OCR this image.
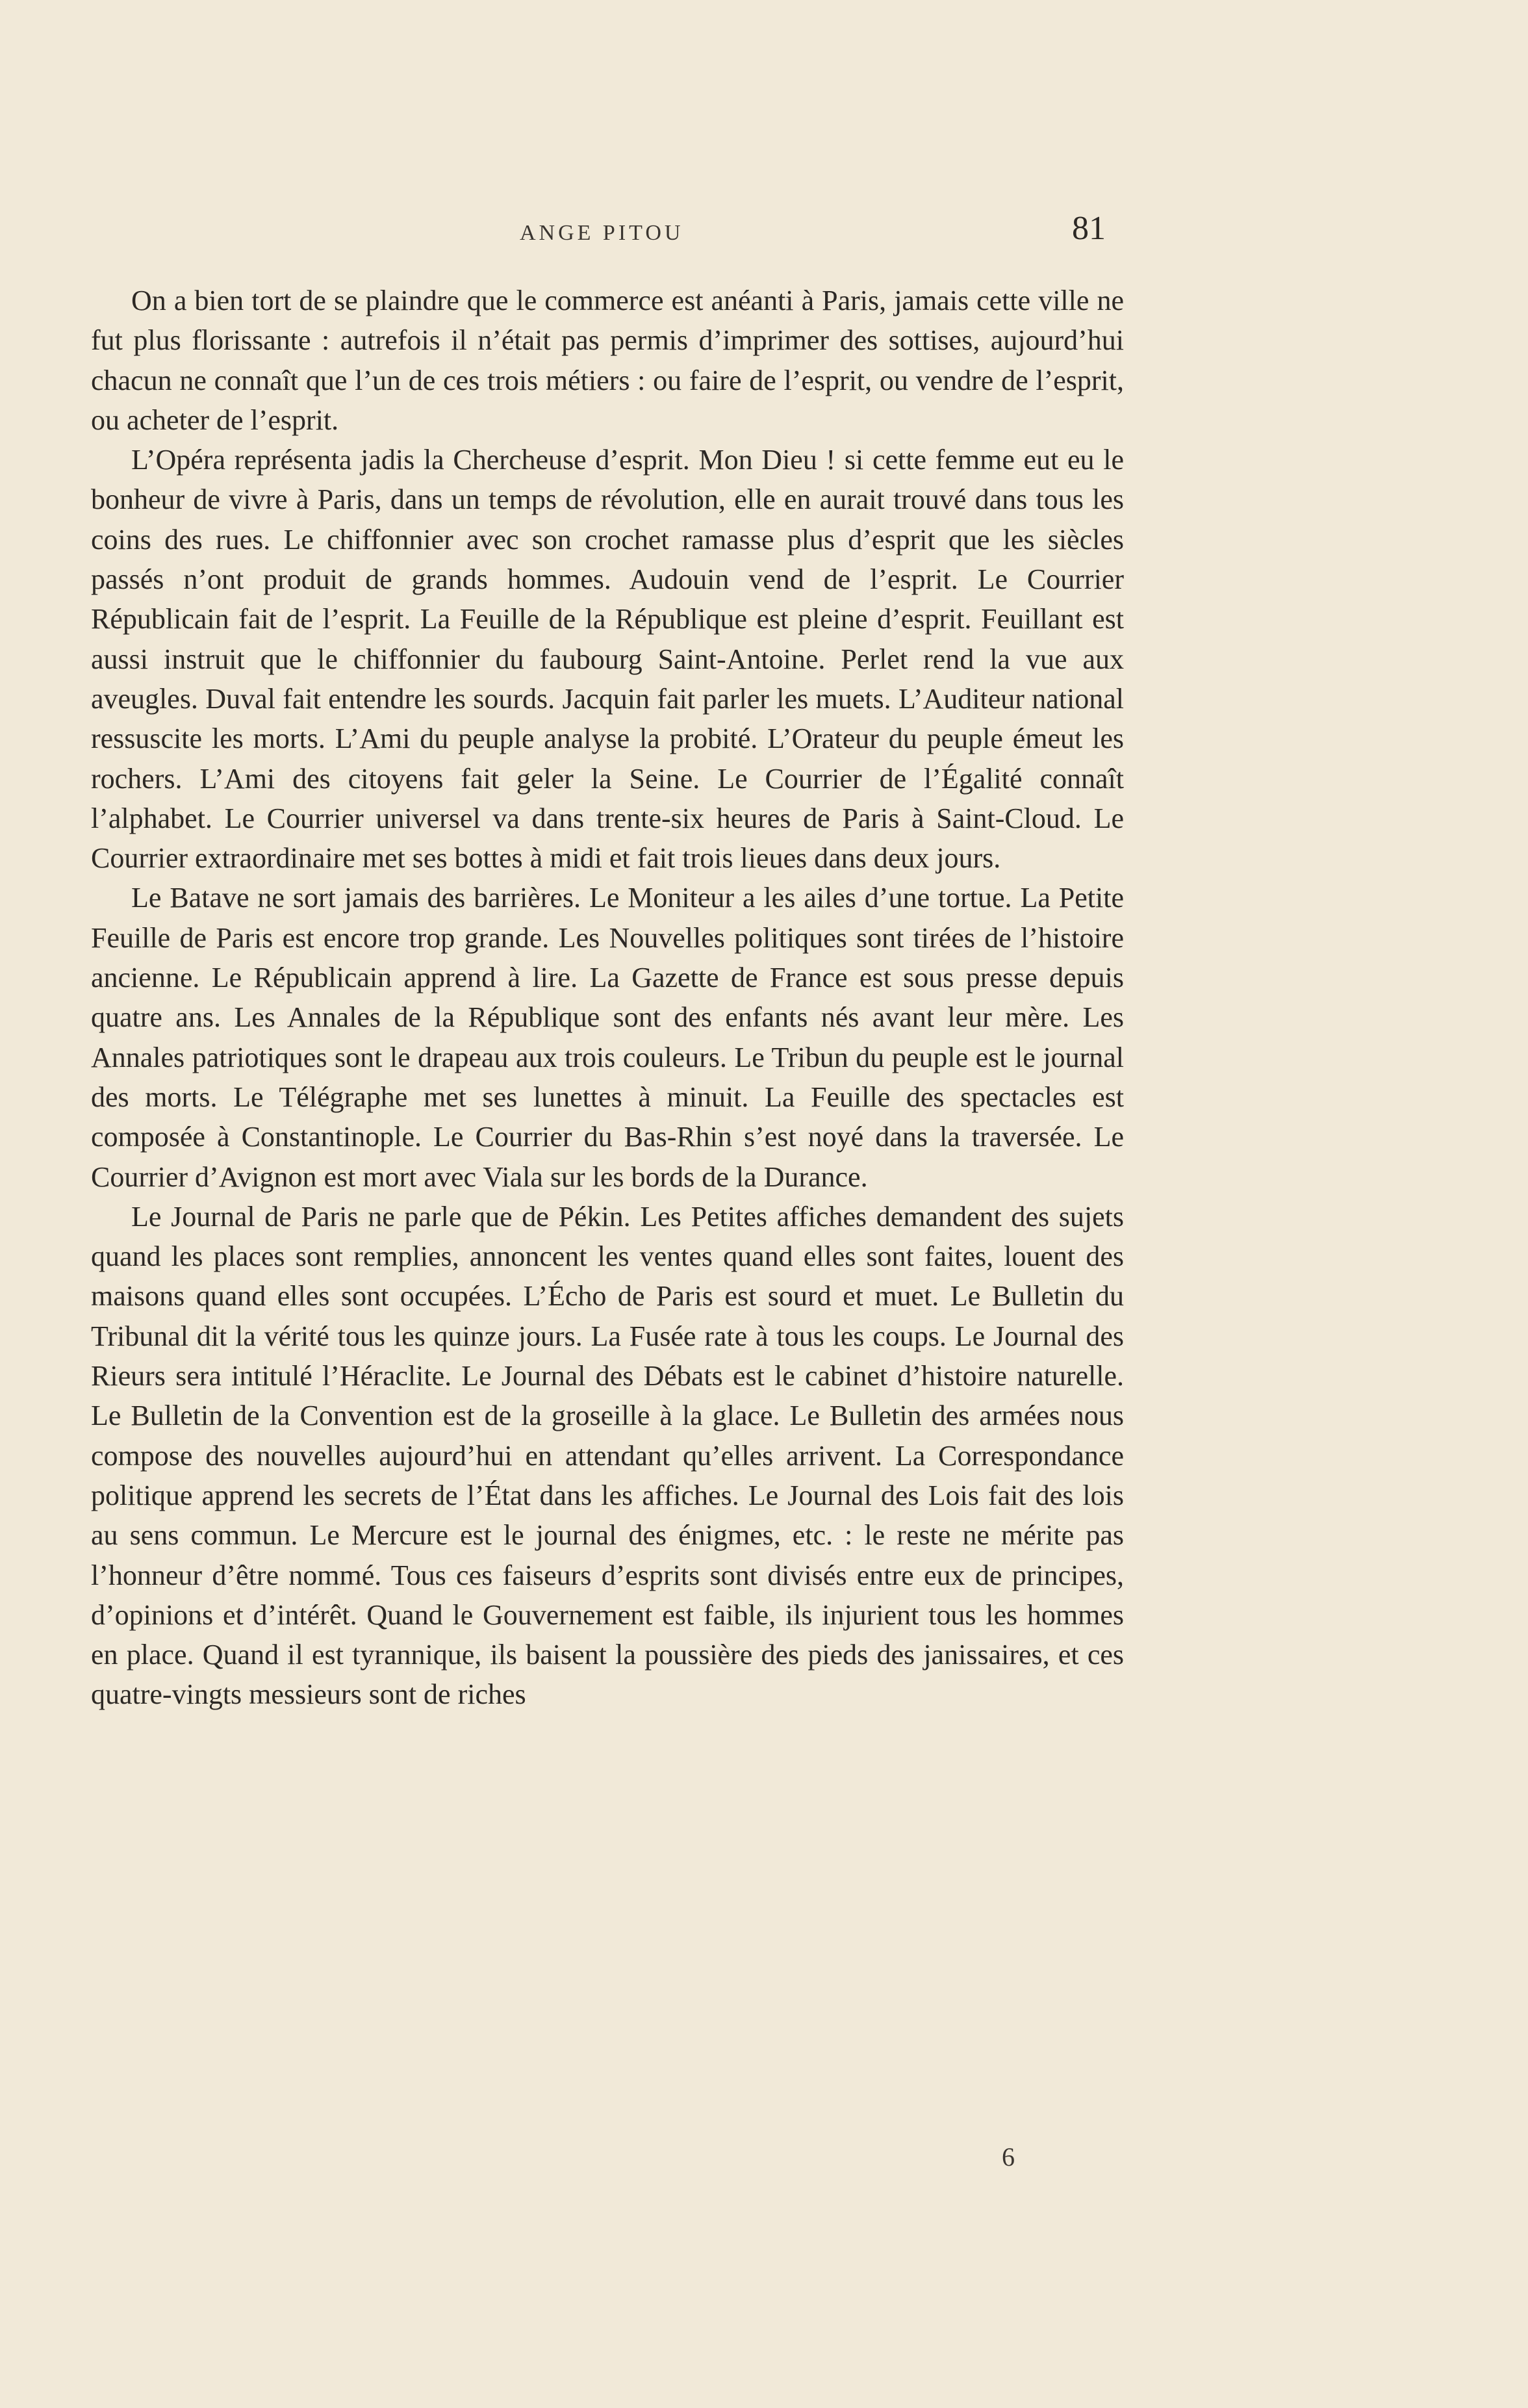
ANGE PITOU	81

On a bien tort de se plaindre que le commerce est anéanti à Paris, jamais cette ville ne fut plus florissante : autrefois il n’était pas permis d’imprimer des sottises, aujourd’hui chacun ne connaît que l’un de ces trois métiers : ou faire de l’esprit, ou vendre de l’esprit, ou acheter de l’esprit.

L’Opéra représenta jadis la Chercheuse d’esprit. Mon Dieu ! si cette femme eut eu le bonheur de vivre à Paris, dans un temps de révolution, elle en aurait trouvé dans tous les coins des rues. Le chiffonnier avec son crochet ramasse plus d’esprit que les siècles passés n’ont produit de grands hommes. Audouin vend de l’esprit. Le Courrier Républicain fait de l’esprit. La Feuille de la République est pleine d’esprit. Feuillant est aussi instruit que le chiffonnier du faubourg Saint-Antoine. Perlet rend la vue aux aveugles. Duval fait entendre les sourds. Jacquin fait parler les muets. L’Auditeur national ressuscite les morts. L’Ami du peuple analyse la probité. L’Orateur du peuple émeut les rochers. L’Ami des citoyens fait geler la Seine. Le Courrier de l’Égalité connaît l’alphabet. Le Courrier universel va dans trente-six heures de Paris à Saint-Cloud. Le Courrier extraordinaire met ses bottes à midi et fait trois lieues dans deux jours.

Le Batave ne sort jamais des barrières. Le Moniteur a les ailes d’une tortue. La Petite Feuille de Paris est encore trop grande. Les Nouvelles politiques sont tirées de l’histoire ancienne. Le Républicain apprend à lire. La Gazette de France est sous presse depuis quatre ans. Les Annales de la République sont des enfants nés avant leur mère. Les Annales patriotiques sont le drapeau aux trois couleurs. Le Tribun du peuple est le journal des morts. Le Télégraphe met ses lunettes à minuit. La Feuille des spectacles est composée à Constantinople. Le Courrier du Bas-Rhin s’est noyé dans la traversée. Le Courrier d’Avignon est mort avec Viala sur les bords de la Durance.

Le Journal de Paris ne parle que de Pékin. Les Petites affiches demandent des sujets quand les places sont remplies, annoncent les ventes quand elles sont faites, louent des maisons quand elles sont occupées. L’Écho de Paris est sourd et muet. Le Bulletin du Tribunal dit la vérité tous les quinze jours. La Fusée rate à tous les coups. Le Journal des Rieurs sera intitulé l’Héraclite. Le Journal des Débats est le cabinet d’histoire naturelle. Le Bulletin de la Convention est de la groseille à la glace. Le Bulletin des armées nous compose des nouvelles aujourd’hui en attendant qu’elles arrivent. La Correspondance politique apprend les secrets de l’État dans les affiches. Le Journal des Lois fait des lois au sens commun. Le Mercure est le journal des énigmes, etc. : le reste ne mérite pas l’honneur d’être nommé. Tous ces faiseurs d’esprits sont divisés entre eux de principes, d’opinions et d’intérêt. Quand le Gouvernement est faible, ils injurient tous les hommes en place. Quand il est tyrannique, ils baisent la poussière des pieds des janissaires, et ces quatre-vingts messieurs sont de riches

6
